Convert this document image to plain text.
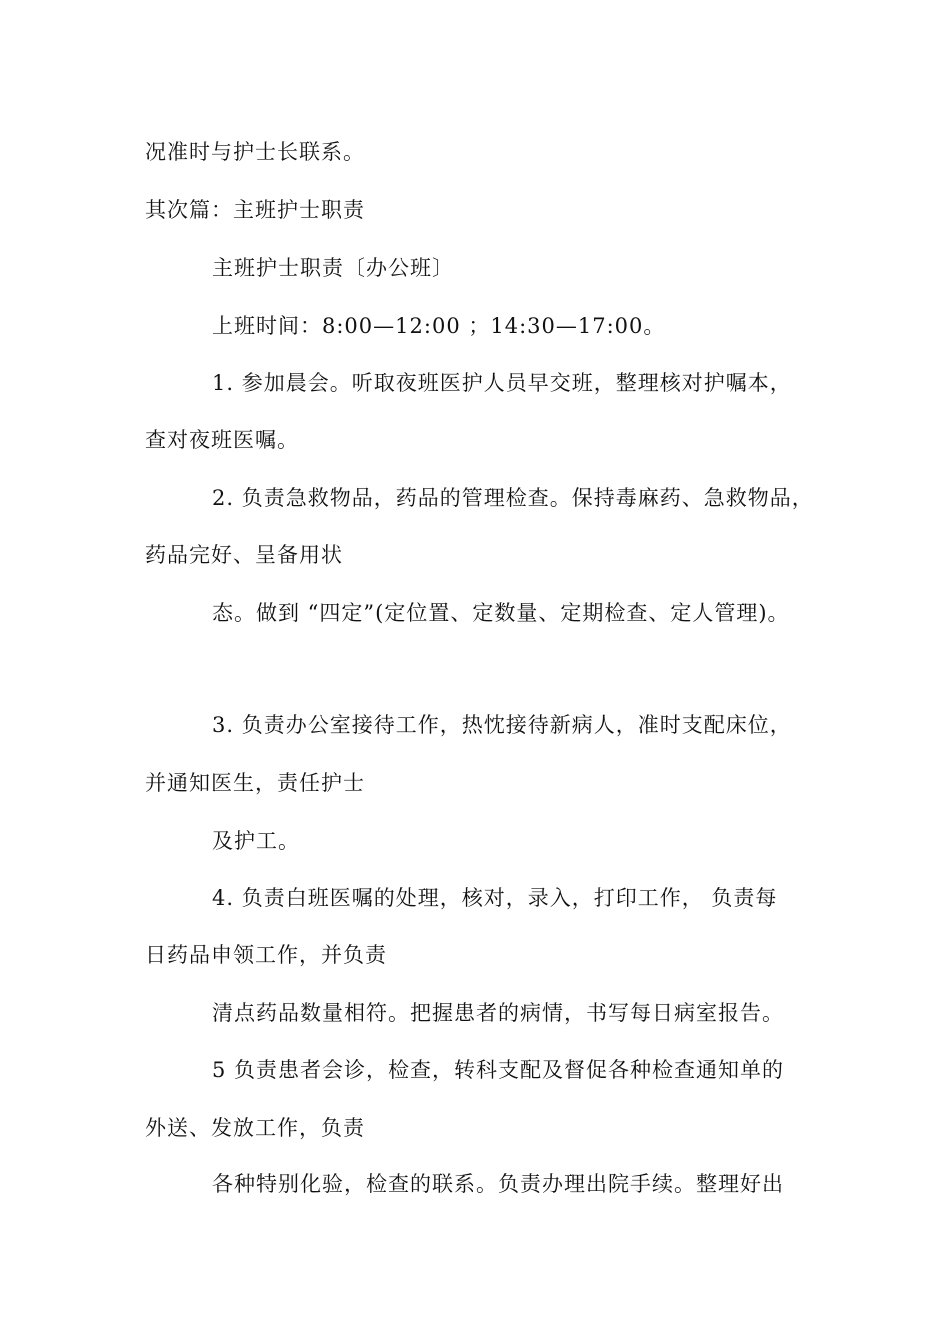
况准时与护士长联系。
其次篇：主班护士职责
主班护士职责〔办公班〕
上班时间：8:00—12:00 ；14:30—17:00。
1. 参加晨会。听取夜班医护人员早交班，整理核对护嘱本，
查对夜班医嘱。
2. 负责急救物品，药品的管理检查。保持毒麻药、急救物品，
药品完好、呈备用状
态。做到 “四定”(定位置、定数量、定期检查、定人管理)。
3. 负责办公室接待工作，热忱接待新病人，准时支配床位，
并通知医生，责任护士
及护工。
4. 负责白班医嘱的处理，核对，录入，打印工作， 负责每
日药品申领工作，并负责
清点药品数量相符。把握患者的病情，书写每日病室报告。
5 负责患者会诊，检查，转科支配及督促各种检查通知单的
外送、发放工作，负责
各种特别化验，检查的联系。负责办理出院手续。整理好出
